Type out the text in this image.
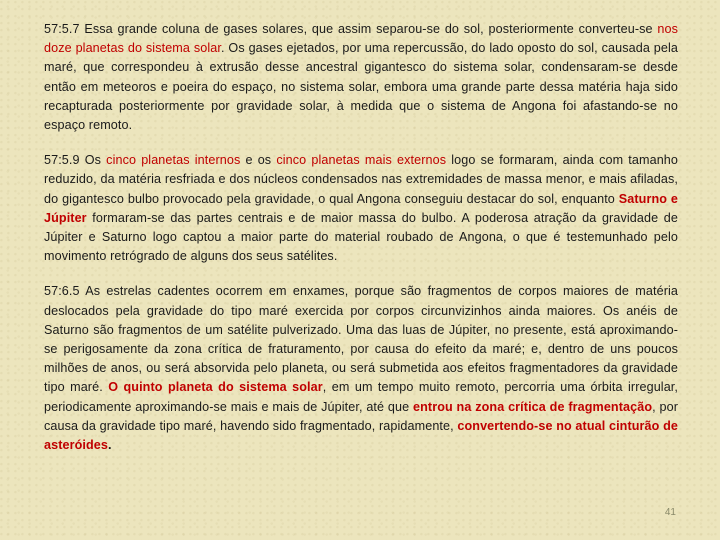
57:5.7 Essa grande coluna de gases solares, que assim separou-se do sol, posteriormente converteu-se nos doze planetas do sistema solar. Os gases ejetados, por uma repercussão, do lado oposto do sol, causada pela maré, que correspondeu à extrusão desse ancestral gigantesco do sistema solar, condensaram-se desde então em meteoros e poeira do espaço, no sistema solar, embora uma grande parte dessa matéria haja sido recapturada posteriormente por gravidade solar, à medida que o sistema de Angona foi afastando-se no espaço remoto.

57:5.9 Os cinco planetas internos e os cinco planetas mais externos logo se formaram, ainda com tamanho reduzido, da matéria resfriada e dos núcleos condensados nas extremidades de massa menor, e mais afiladas, do gigantesco bulbo provocado pela gravidade, o qual Angona conseguiu destacar do sol, enquanto Saturno e Júpiter formaram-se das partes centrais e de maior massa do bulbo. A poderosa atração da gravidade de Júpiter e Saturno logo captou a maior parte do material roubado de Angona, o que é testemunhado pelo movimento retrógrado de alguns dos seus satélites.

57:6.5 As estrelas cadentes ocorrem em enxames, porque são fragmentos de corpos maiores de matéria deslocados pela gravidade do tipo maré exercida por corpos circunvizinhos ainda maiores. Os anéis de Saturno são fragmentos de um satélite pulverizado. Uma das luas de Júpiter, no presente, está aproximando-se perigosamente da zona crítica de fraturamento, por causa do efeito da maré; e, dentro de uns poucos milhões de anos, ou será absorvida pelo planeta, ou será submetida aos efeitos fragmentadores da gravidade tipo maré. O quinto planeta do sistema solar, em um tempo muito remoto, percorria uma órbita irregular, periodicamente aproximando-se mais e mais de Júpiter, até que entrou na zona crítica de fragmentação, por causa da gravidade tipo maré, havendo sido fragmentado, rapidamente, convertendo-se no atual cinturão de asteróides.

41
